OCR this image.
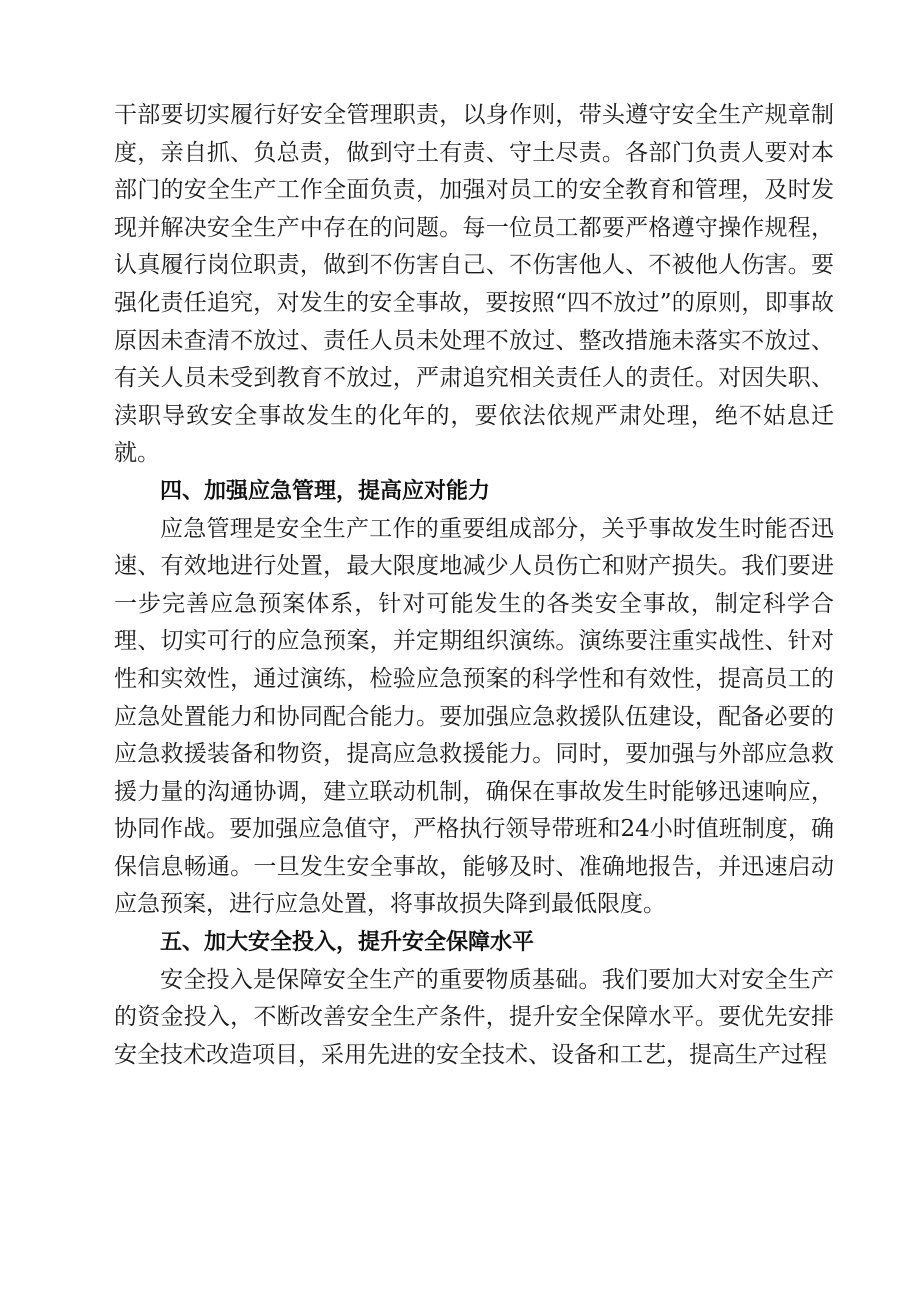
干部要切实履行好安全管理职责，以身作则，带头遵守安全生产规章制度，亲自抓、负总责，做到守土有责、守土尽责。各部门负责人要对本部门的安全生产工作全面负责，加强对员工的安全教育和管理，及时发现并解决安全生产中存在的问题。每一位员工都要严格遵守操作规程，认真履行岗位职责，做到不伤害自己、不伤害他人、不被他人伤害。要强化责任追究，对发生的安全事故，要按照“四不放过”的原则，即事故原因未查清不放过、责任人员未处理不放过、整改措施未落实不放过、有关人员未受到教育不放过，严肃追究相关责任人的责任。对因失职、渎职导致安全事故发生的化年的，要依法依规严肃处理，绝不姑息迁就。

四、加强应急管理，提高应对能力

应急管理是安全生产工作的重要组成部分，关乎事故发生时能否迅速、有效地进行处置，最大限度地减少人员伤亡和财产损失。我们要进一步完善应急预案体系，针对可能发生的各类安全事故，制定科学合理、切实可行的应急预案，并定期组织演练。演练要注重实战性、针对性和实效性，通过演练，检验应急预案的科学性和有效性，提高员工的应急处置能力和协同配合能力。要加强应急救援队伍建设，配备必要的应急救援装备和物资，提高应急救援能力。同时，要加强与外部应急救援力量的沟通协调，建立联动机制，确保在事故发生时能够迅速响应，协同作战。要加强应急值守，严格执行领导带班和24小时值班制度，确保信息畅通。一旦发生安全事故，能够及时、准确地报告，并迅速启动应急预案，进行应急处置，将事故损失降到最低限度。

五、加大安全投入，提升安全保障水平

安全投入是保障安全生产的重要物质基础。我们要加大对安全生产的资金投入，不断改善安全生产条件，提升安全保障水平。要优先安排安全技术改造项目，采用先进的安全技术、设备和工艺，提高生产过程
